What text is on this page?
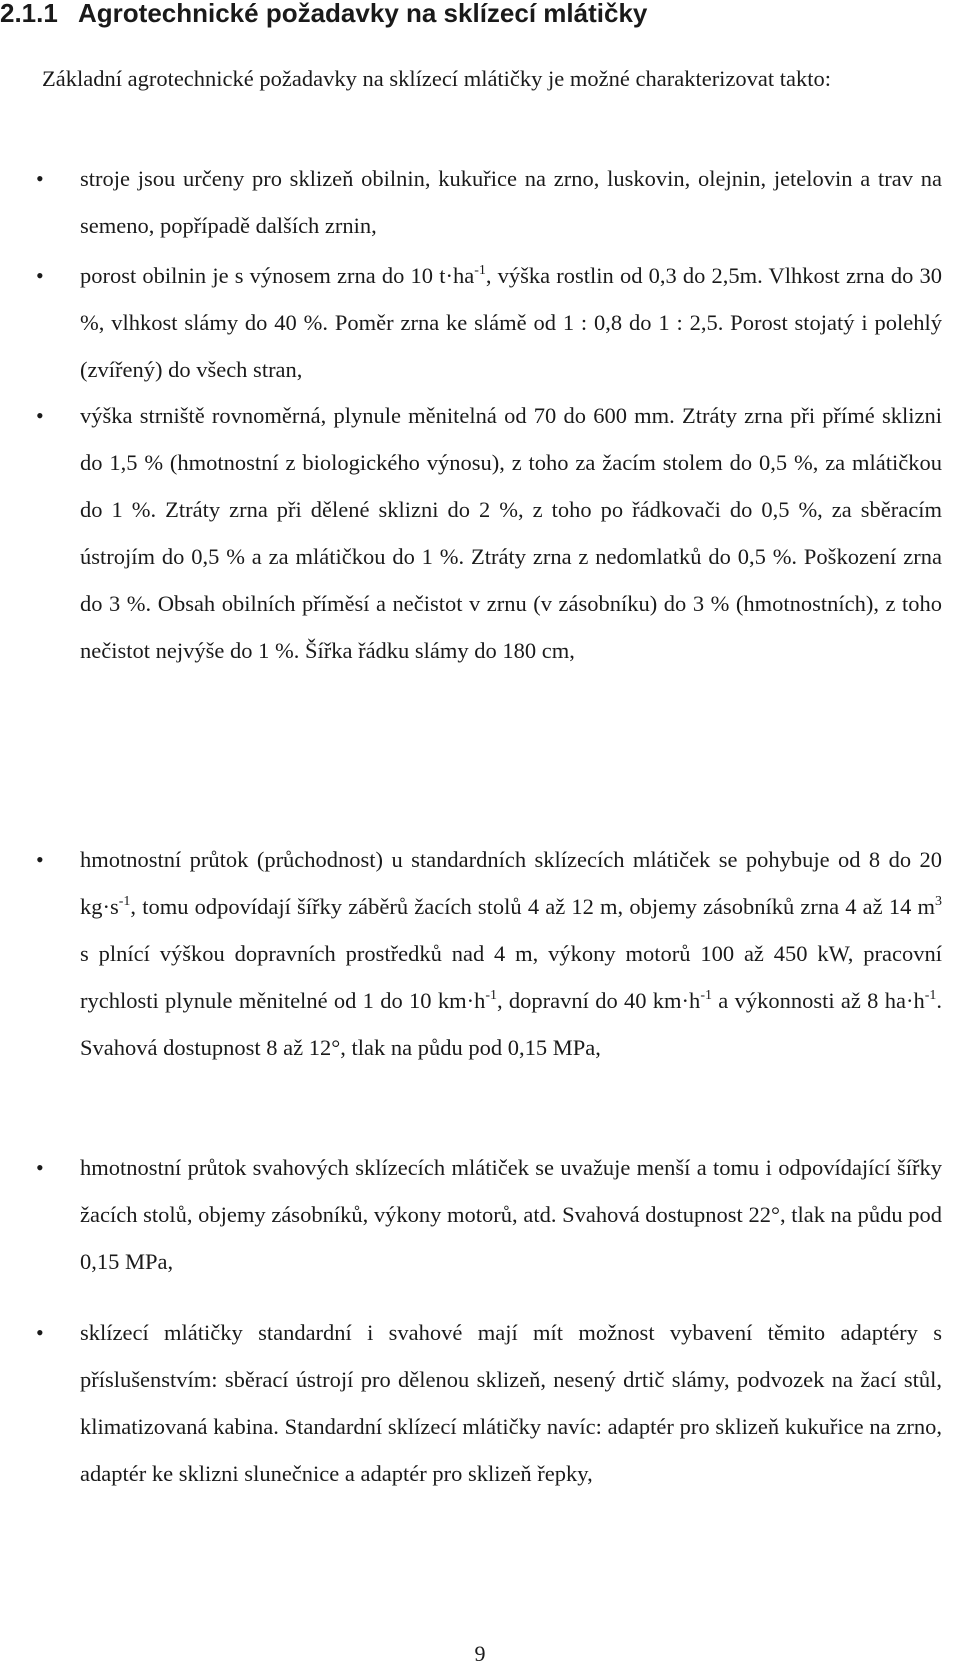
2.1.1 Agrotechnické požadavky na sklízecí mlátičky

Základní agrotechnické požadavky na sklízecí mlátičky je možné charakterizovat takto:

• stroje jsou určeny pro sklizeň obilnin, kukuřice na zrno, luskovin, olejnin, jetelovin a trav na semeno, popřípadě dalších zrnin,

• porost obilnin je s výnosem zrna do 10 $t\cdot ha^{-1}$, výška rostlin od 0,3 do 2,5m. Vlhkost zrna do 30 %, vlhkost slámy do 40 %. Poměr zrna ke slámě od 1 : 0,8 do 1 : 2,5. Porost stojatý i polehlý (zvířený) do všech stran,

• výška strniště rovnoměrná, plynule měnitelná od 70 do 600 mm. Ztráty zrna při přímé sklizni do 1,5 % (hmotnostní z biologického výnosu), z toho za žacím stolem do 0,5 %, za mlátičkou do 1 %. Ztráty zrna při dělené sklizni do 2 %, z toho po řádkovači do 0,5 %, za sběracím ústrojím do 0,5 % a za mlátičkou do 1 %. Ztráty zrna z nedomlatků do 0,5 %. Poškození zrna do 3 %. Obsah obilních příměsí a nečistot v zrnu (v zásobníku) do 3 % (hmotnostních), z toho nečistot nejvýše do 1 %. Šířka řádku slámy do 180 cm,

• hmotnostní průtok (průchodnost) u standardních sklízecích mlátiček se pohybuje od 8 do 20 $kg\cdot s^{-1}$, tomu odpovídají šířky záběrů žacích stolů 4 až 12 m, objemy zásobníků zrna 4 až 14 $m^3$ s plnící výškou dopravních prostředků nad 4 m, výkony motorů 100 až 450 kW, pracovní rychlosti plynule měnitelné od 1 do 10 $km\cdot h^{-1}$, dopravní do 40 $km\cdot h^{-1}$ a výkonnosti až 8 $ha\cdot h^{-1}$. Svahová dostupnost 8 až 12°, tlak na půdu pod 0,15 MPa,

• hmotnostní průtok svahových sklízecích mlátiček se uvažuje menší a tomu i odpovídající šířky žacích stolů, objemy zásobníků, výkony motorů, atd. Svahová dostupnost 22°, tlak na půdu pod 0,15 MPa,

• sklízecí mlátičky standardní i svahové mají mít možnost vybavení těmito adaptéry s příslušenstvím: sběrací ústrojí pro dělenou sklizeň, nesený drtič slámy, podvozek na žací stůl, klimatizovaná kabina. Standardní sklízecí mlátičky navíc: adaptér pro sklizeň kukuřice na zrno, adaptér ke sklizni slunečnice a adaptér pro sklizeň řepky,

9
